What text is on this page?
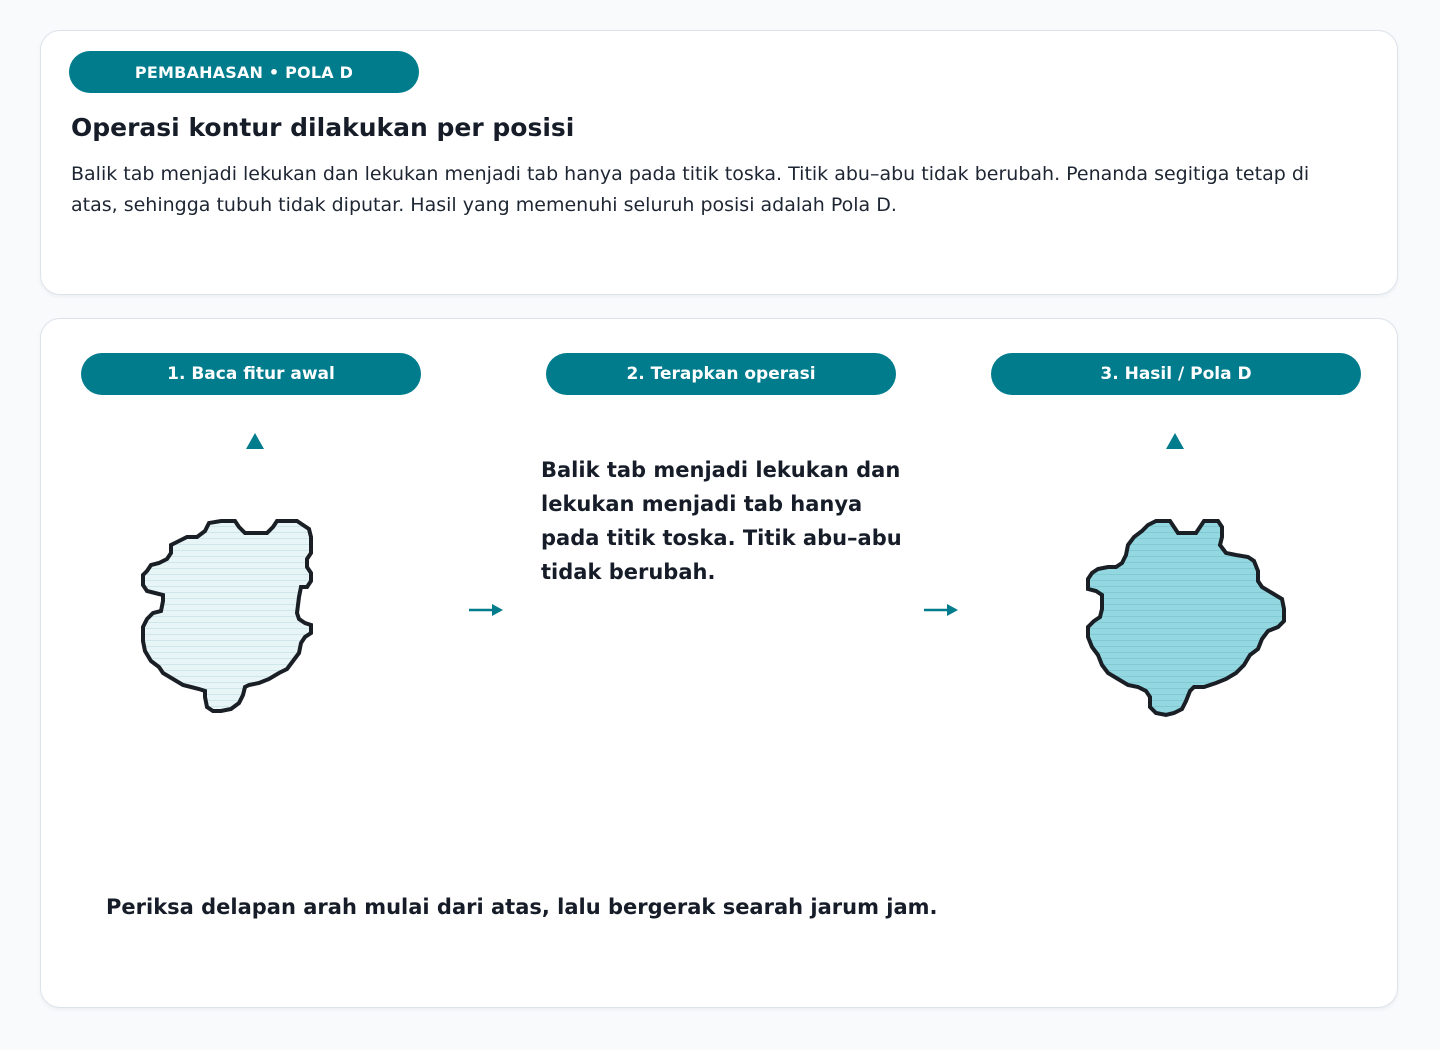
PEMBAHASAN • POLA D
Operasi kontur dilakukan per posisi

Balik tab menjadi lekukan dan lekukan menjadi tab hanya pada titik toska. Titik abu–abu tidak berubah. Penanda segitiga tetap di atas, sehingga tubuh tidak diputar. Hasil yang memenuhi seluruh posisi adalah Pola D.

1. Baca fitur awal	2. Terapkan operasi	3. Hasil / Pola D

Balik tab menjadi lekukan dan lekukan menjadi tab hanya pada titik toska. Titik abu–abu tidak berubah.

Periksa delapan arah mulai dari atas, lalu bergerak searah jarum jam.
